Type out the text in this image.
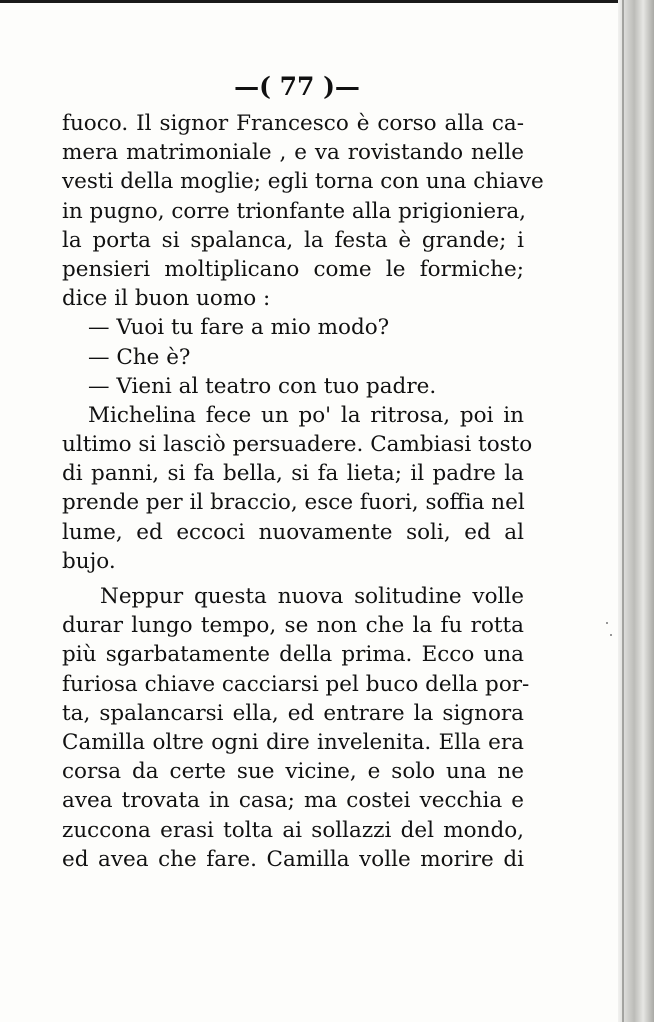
—( 77 )—
fuoco. Il signor Francesco è corso alla ca-
mera matrimoniale , e va rovistando nelle
vesti della moglie; egli torna con una chiave
in pugno, corre trionfante alla prigioniera,
la porta si spalanca, la festa è grande; i
pensieri moltiplicano come le formiche;
dice il buon uomo :
— Vuoi tu fare a mio modo?
— Che è?
— Vieni al teatro con tuo padre.
Michelina fece un po' la ritrosa, poi in
ultimo si lasciò persuadere. Cambiasi tosto
di panni, si fa bella, si fa lieta; il padre la
prende per il braccio, esce fuori, soffia nel
lume, ed eccoci nuovamente soli, ed al
bujo.
Neppur questa nuova solitudine volle
durar lungo tempo, se non che la fu rotta
più sgarbatamente della prima. Ecco una
furiosa chiave cacciarsi pel buco della por-
ta, spalancarsi ella, ed entrare la signora
Camilla oltre ogni dire invelenita. Ella era
corsa da certe sue vicine, e solo una ne
avea trovata in casa; ma costei vecchia e
zuccona erasi tolta ai sollazzi del mondo,
ed avea che fare. Camilla volle morire di
